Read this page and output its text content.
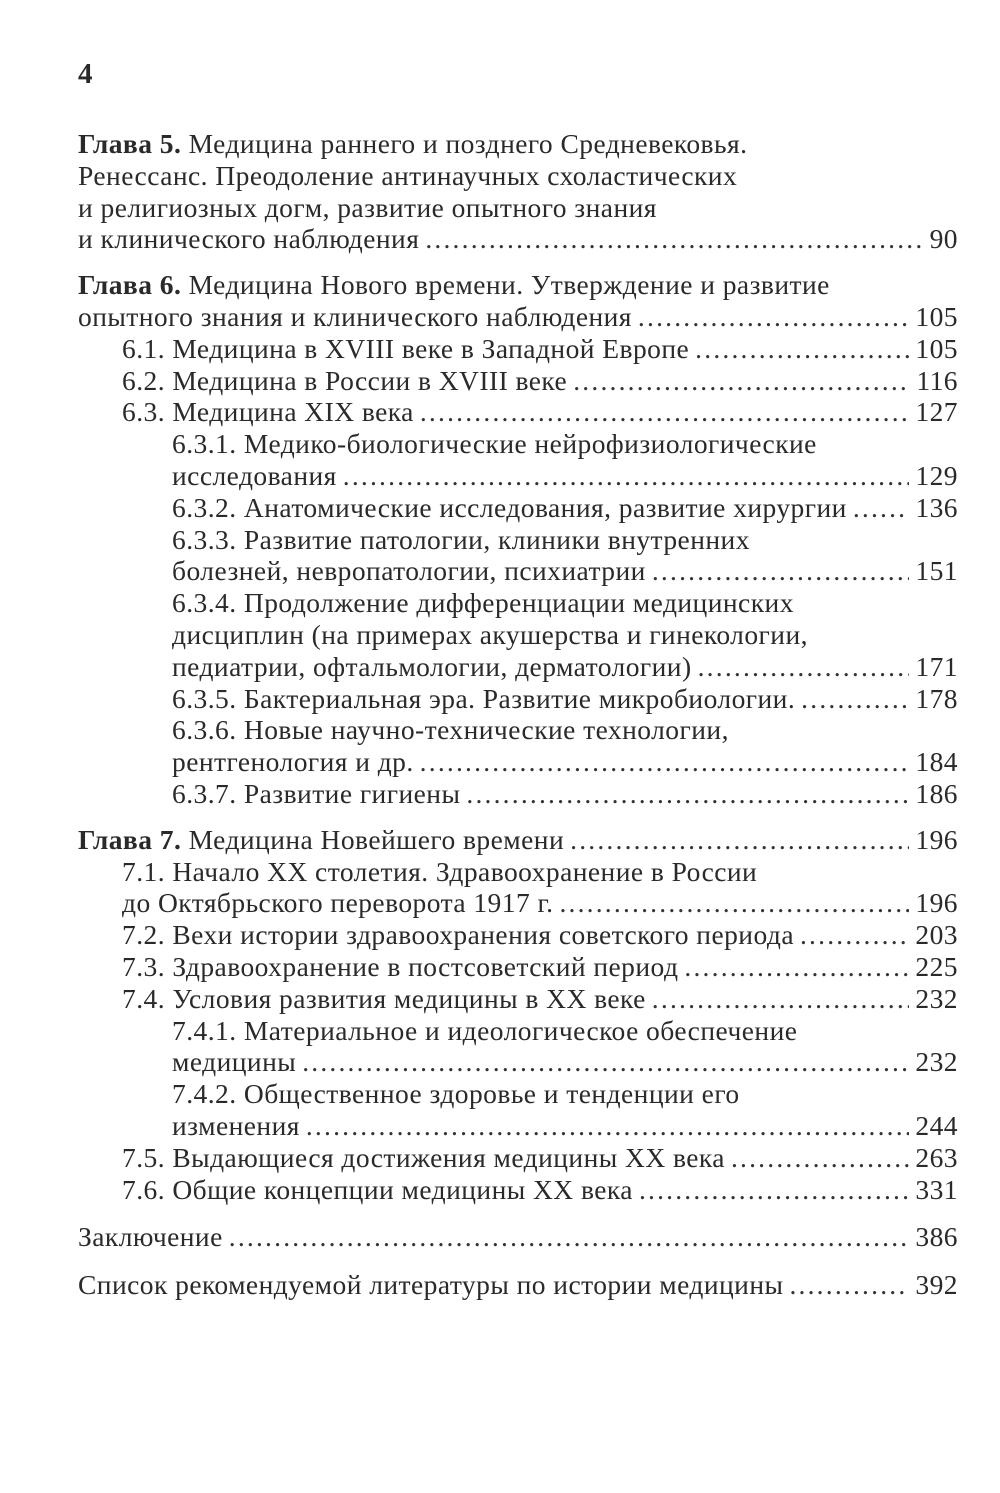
4
Глава 5. Медицина раннего и позднего Средневековья.
Ренессанс. Преодоление антинаучных схоластических
и религиозных догм, развитие опытного знания
и клинического наблюдения .....	90
Глава 6. Медицина Нового времени. Утверждение и развитие
опытного знания и клинического наблюдения .....	105
6.1. Медицина в XVIII веке в Западной Европе .....	105
6.2. Медицина в России в XVIII веке .....	116
6.3. Медицина XIX века .....	127
6.3.1. Медико-биологические нейрофизиологические
исследования .....	129
6.3.2. Анатомические исследования, развитие хирургии ..... 136
6.3.3. Развитие патологии, клиники внутренних
болезней, невропатологии, психиатрии .....	151
6.3.4. Продолжение дифференциации медицинских
дисциплин (на примерах акушерства и гинекологии,
педиатрии, офтальмологии, дерматологии) .....	171
6.3.5. Бактериальная эра. Развитие микробиологии. .....	178
6.3.6. Новые научно-технические технологии,
рентгенология и др. .....	184
6.3.7. Развитие гигиены .....	186
Глава 7. Медицина Новейшего времени .....	196
7.1. Начало XX столетия. Здравоохранение в России
до Октябрьского переворота 1917 г. .....	196
7.2. Вехи истории здравоохранения советского периода .....	203
7.3. Здравоохранение в постсоветский период .....	225
7.4. Условия развития медицины в XX веке .....	232
7.4.1. Материальное и идеологическое обеспечение
медицины .....	232
7.4.2. Общественное здоровье и тенденции его
изменения .....	244
7.5. Выдающиеся достижения медицины XX века .....	263
7.6. Общие концепции медицины XX века .....	331
Заключение .....	386
Список рекомендуемой литературы по истории медицины .....	392
